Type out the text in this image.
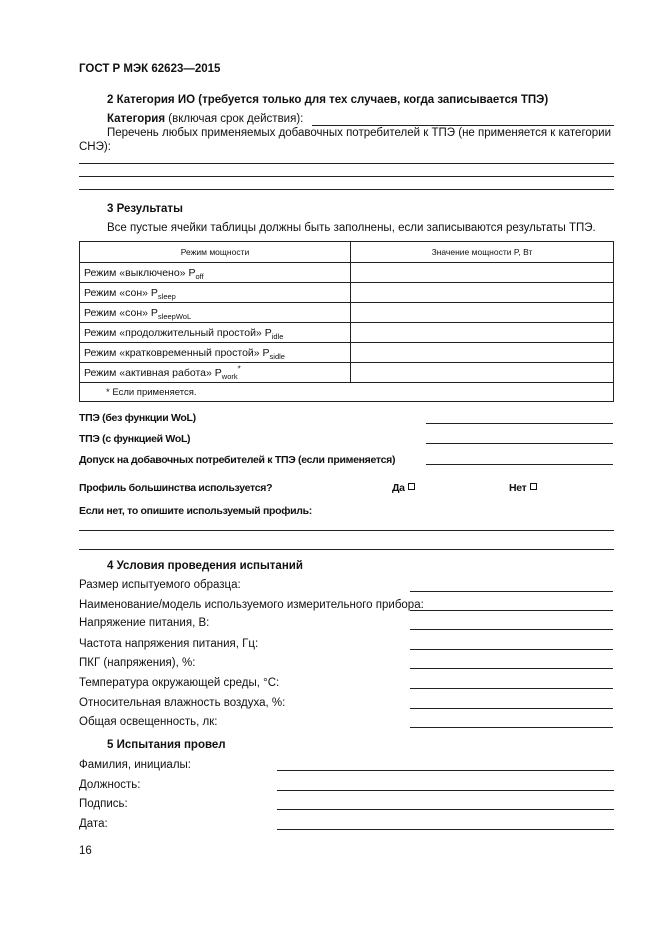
ГОСТ Р МЭК 62623—2015
2 Категория ИО (требуется только для тех случаев, когда записывается ТПЭ)
Категория (включая срок действия):
Перечень любых применяемых добавочных потребителей к ТПЭ (не применяется к категории
СНЭ):
3 Результаты
Все пустые ячейки таблицы должны быть заполнены, если записываются результаты ТПЭ.
Режим мощности	Значение мощности P, Вт
Режим «выключено» $P_{off}$	
Режим «сон» $P_{sleep}$	
Режим «сон» $P_{sleepWoL}$	
Режим «продолжительный простой» $P_{idle}$	
Режим «кратковременный простой» $P_{sidle}$	
Режим «активная работа» $P_{work}^*$	
* Если применяется.	
ТПЭ (без функции WoL)
ТПЭ (с функцией WoL)
Допуск на добавочных потребителей к ТПЭ (если применяется)
Профиль большинства используется?	Да	Нет
Если нет, то опишите используемый профиль:
4 Условия проведения испытаний
Размер испытуемого образца:
Наименование/модель используемого измерительного прибора:
Напряжение питания, В:
Частота напряжения питания, Гц:
ПКГ (напряжения), %:
Температура окружающей среды, °С:
Относительная влажность воздуха, %:
Общая освещенность, лк:
5 Испытания провел
Фамилия, инициалы:
Должность:
Подпись:
Дата:
16
